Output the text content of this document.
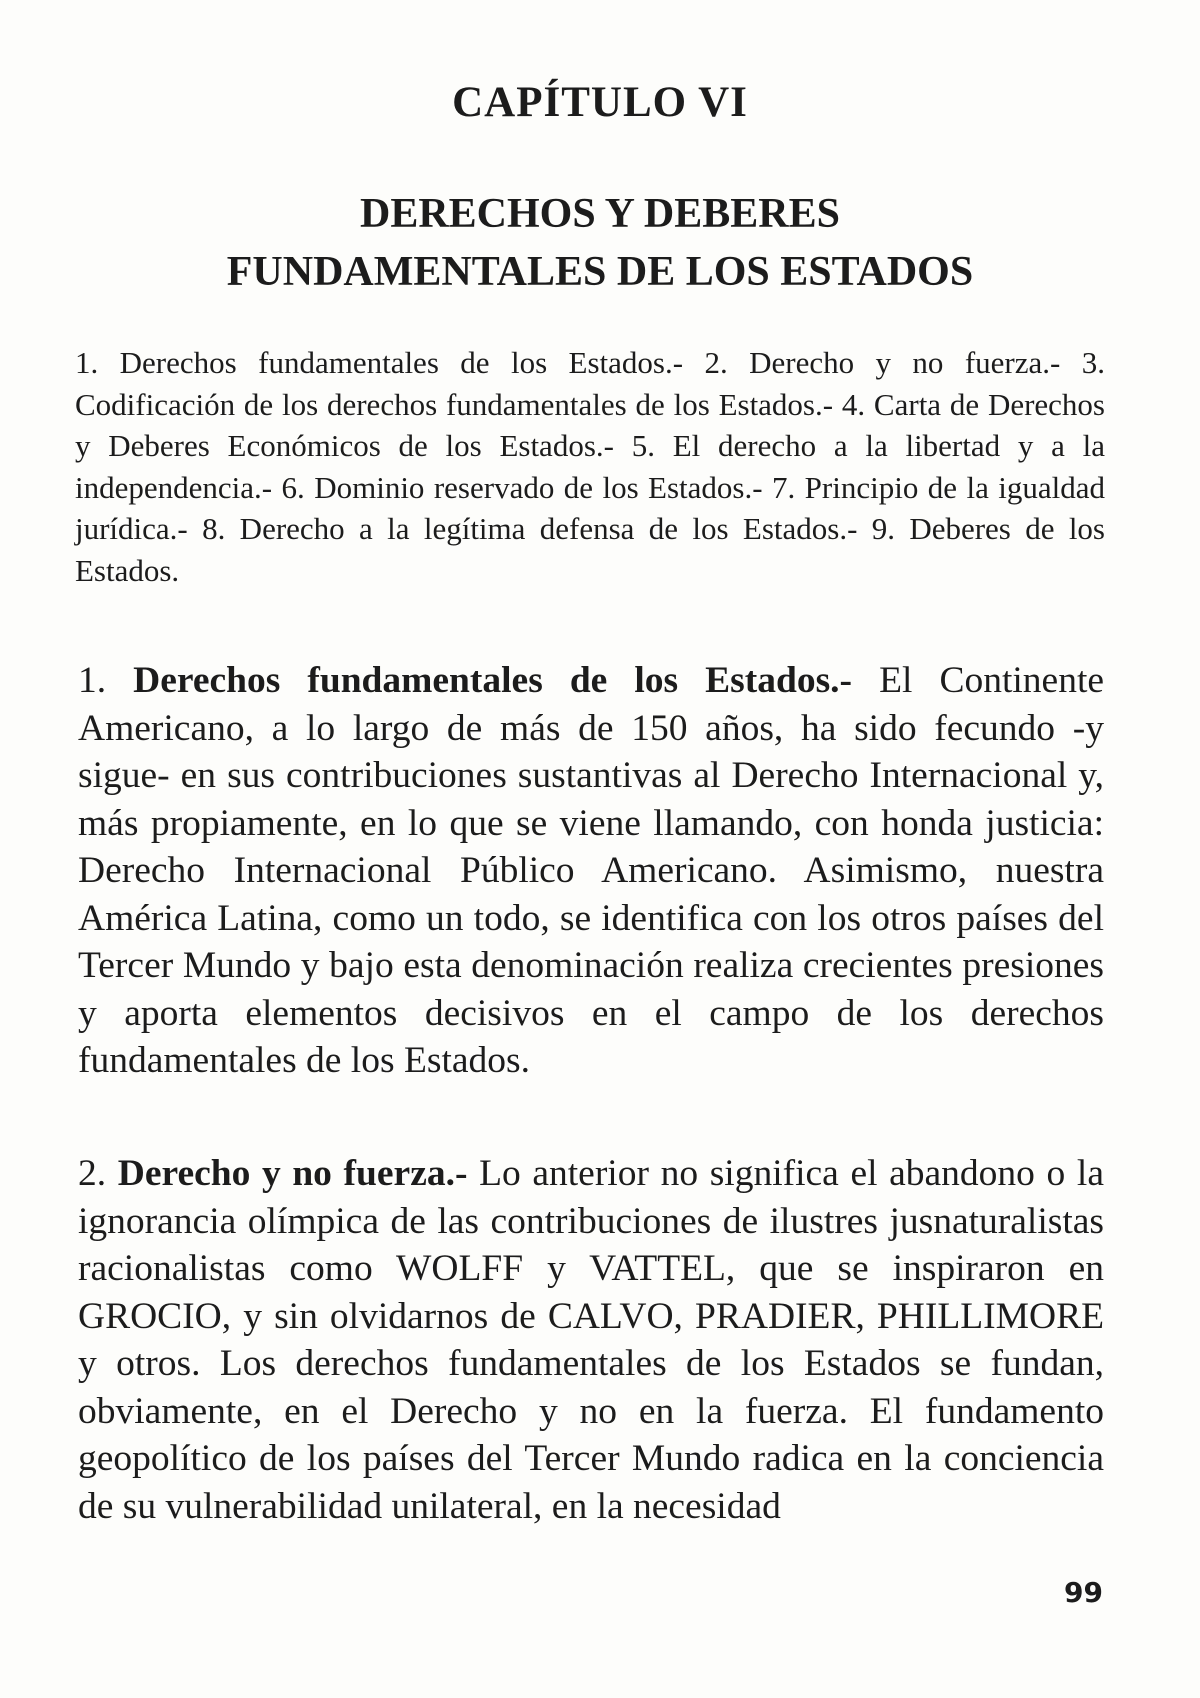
CAPÍTULO VI
DERECHOS Y DEBERES
FUNDAMENTALES DE LOS ESTADOS
1. Derechos fundamentales de los Estados.- 2. Derecho y no fuerza.- 3. Codificación de los derechos fundamentales de los Estados.- 4. Carta de Derechos y Deberes Económicos de los Estados.- 5. El derecho a la libertad y a la independencia.- 6. Dominio reservado de los Estados.- 7. Principio de la igualdad jurídica.- 8. Derecho a la legítima defensa de los Estados.- 9. Deberes de los Estados.
1. Derechos fundamentales de los Estados.- El Continente Americano, a lo largo de más de 150 años, ha sido fecundo -y sigue- en sus contribuciones sustantivas al Derecho Internacional y, más propiamente, en lo que se viene llamando, con honda justicia: Derecho Internacional Público Americano. Asimismo, nuestra América Latina, como un todo, se identifica con los otros países del Tercer Mundo y bajo esta denominación realiza crecientes presiones y aporta elementos decisivos en el campo de los derechos fundamentales de los Estados.
2. Derecho y no fuerza.- Lo anterior no significa el abandono o la ignorancia olímpica de las contribuciones de ilustres jusnaturalistas racionalistas como WOLFF y VATTEL, que se inspiraron en GROCIO, y sin olvidarnos de CALVO, PRADIER, PHILLIMORE y otros. Los derechos fundamentales de los Estados se fundan, obviamente, en el Derecho y no en la fuerza. El fundamento geopolítico de los países del Tercer Mundo radica en la conciencia de su vulnerabilidad unilateral, en la necesidad
99
